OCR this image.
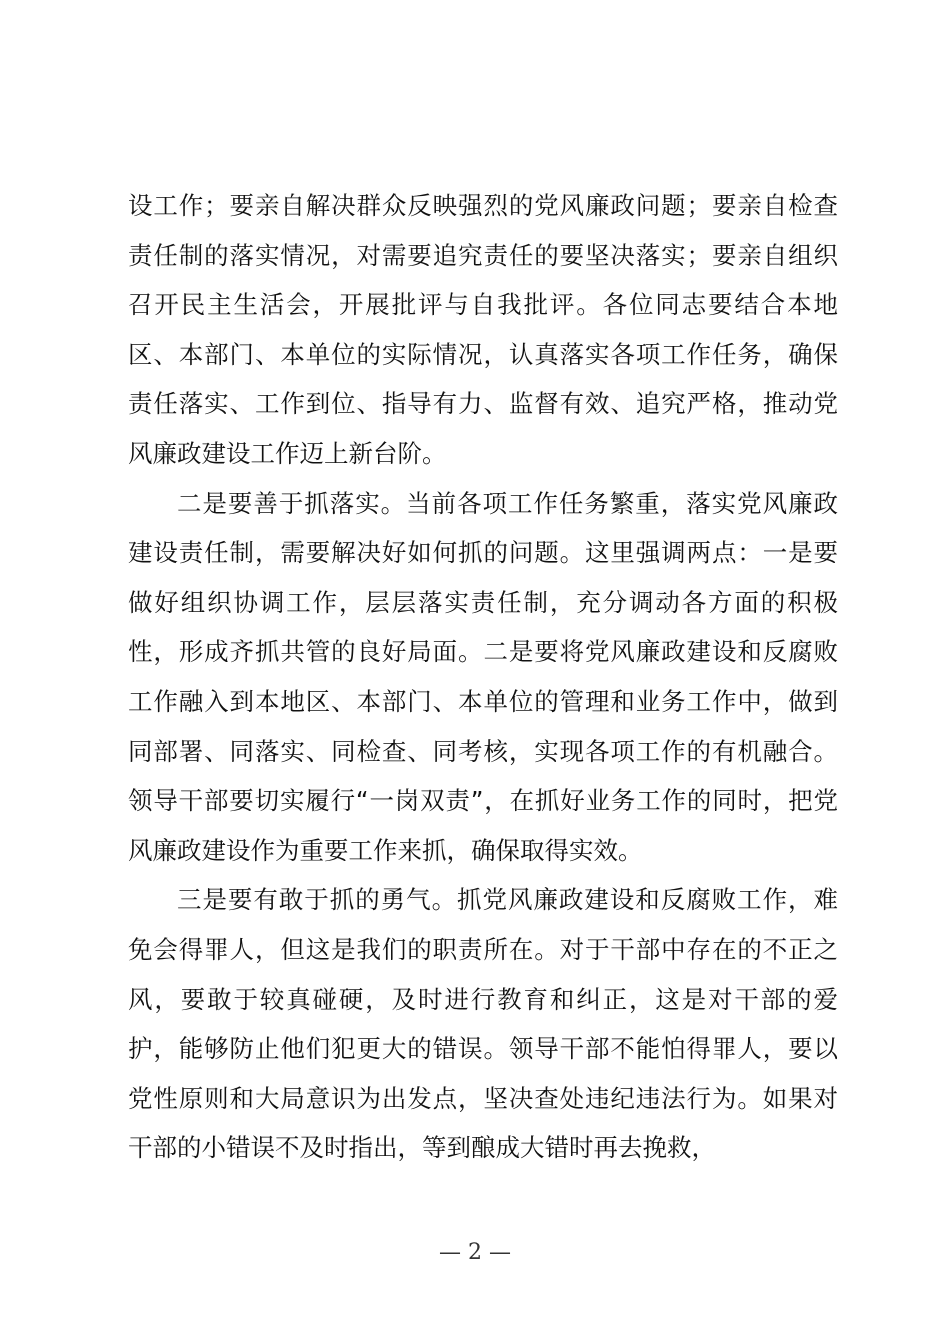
设工作；要亲自解决群众反映强烈的党风廉政问题；要亲自检查责任制的落实情况，对需要追究责任的要坚决落实；要亲自组织召开民主生活会，开展批评与自我批评。各位同志要结合本地区、本部门、本单位的实际情况，认真落实各项工作任务，确保责任落实、工作到位、指导有力、监督有效、追究严格，推动党风廉政建设工作迈上新台阶。

二是要善于抓落实。当前各项工作任务繁重，落实党风廉政建设责任制，需要解决好如何抓的问题。这里强调两点：一是要做好组织协调工作，层层落实责任制，充分调动各方面的积极性，形成齐抓共管的良好局面。二是要将党风廉政建设和反腐败工作融入到本地区、本部门、本单位的管理和业务工作中，做到同部署、同落实、同检查、同考核，实现各项工作的有机融合。领导干部要切实履行“一岗双责”，在抓好业务工作的同时，把党风廉政建设作为重要工作来抓，确保取得实效。

三是要有敢于抓的勇气。抓党风廉政建设和反腐败工作，难免会得罪人，但这是我们的职责所在。对于干部中存在的不正之风，要敢于较真碰硬，及时进行教育和纠正，这是对干部的爱护，能够防止他们犯更大的错误。领导干部不能怕得罪人，要以党性原则和大局意识为出发点，坚决查处违纪违法行为。如果对干部的小错误不及时指出，等到酿成大错时再去挽救，

— 2 —
